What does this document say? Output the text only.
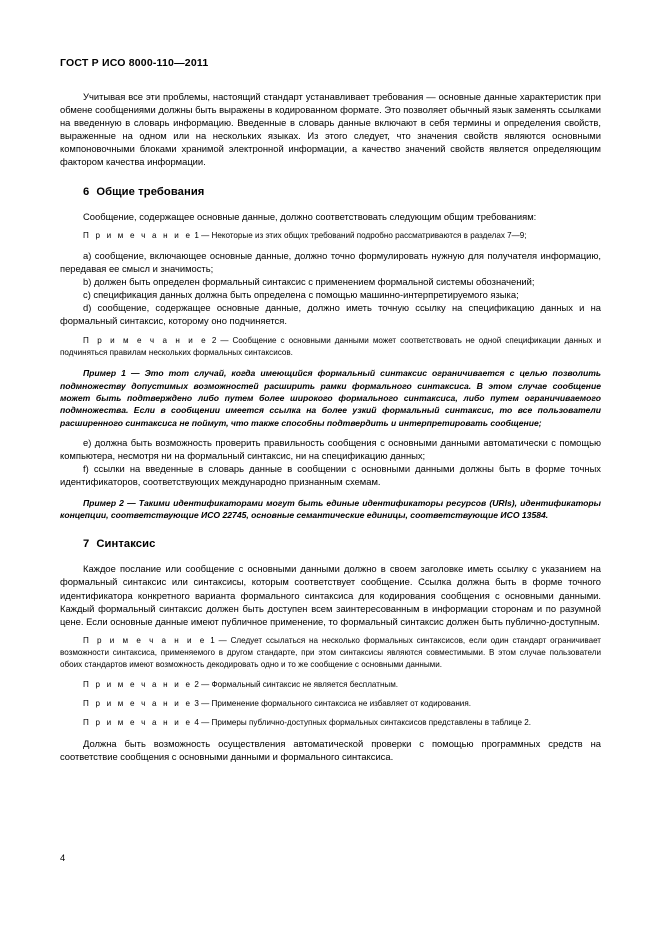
ГОСТ Р ИСО 8000-110—2011

Учитывая все эти проблемы, настоящий стандарт устанавливает требования — основные данные характеристик при обмене сообщениями должны быть выражены в кодированном формате. Это позволяет обычный язык заменять ссылками на введенную в словарь информацию. Введенные в словарь данные включают в себя термины и определения свойств, выраженные на одном или на нескольких языках. Из этого следует, что значения свойств являются основными компоновочными блоками хранимой электронной информации, а качество значений свойств является определяющим фактором качества информации.

6 Общие требования

Сообщение, содержащее основные данные, должно соответствовать следующим общим требованиям:

П р и м е ч а н и е 1 — Некоторые из этих общих требований подробно рассматриваются в разделах 7—9;

a) сообщение, включающее основные данные, должно точно формулировать нужную для получателя информацию, передавая ее смысл и значимость;

b) должен быть определен формальный синтаксис с применением формальной системы обозначений;

c) спецификация данных должна быть определена с помощью машинно-интерпретируемого языка;

d) сообщение, содержащее основные данные, должно иметь точную ссылку на спецификацию данных и на формальный синтаксис, которому оно подчиняется.

П р и м е ч а н и е 2 — Сообщение с основными данными может соответствовать не одной спецификации данных и подчиняться правилам нескольких формальных синтаксисов.

Пример 1 — Это тот случай, когда имеющийся формальный синтаксис ограничивается с целью позволить подмножеству допустимых возможностей расширить рамки формального синтаксиса. В этом случае сообщение может быть подтверждено либо путем более широкого формального синтаксиса, либо путем ограничиваемого подмножества. Если в сообщении имеется ссылка на более узкий формальный синтаксис, то все пользователи расширенного синтаксиса не поймут, что также способны подтвердить и интерпретировать сообщение;

e) должна быть возможность проверить правильность сообщения с основными данными автоматически с помощью компьютера, несмотря ни на формальный синтаксис, ни на спецификацию данных;

f) ссылки на введенные в словарь данные в сообщении с основными данными должны быть в форме точных идентификаторов, соответствующих международно признанным схемам.

Пример 2 — Такими идентификаторами могут быть единые идентификаторы ресурсов (URIs), идентификаторы концепции, соответствующие ИСО 22745, основные семантические единицы, соответствующие ИСО 13584.

7 Синтаксис

Каждое послание или сообщение с основными данными должно в своем заголовке иметь ссылку с указанием на формальный синтаксис или синтаксисы, которым соответствует сообщение. Ссылка должна быть в форме точного идентификатора конкретного варианта формального синтаксиса для кодирования сообщения с основными данными. Каждый формальный синтаксис должен быть доступен всем заинтересованным в информации сторонам и по разумной цене. Если основные данные имеют публичное применение, то формальный синтаксис должен быть публично-доступным.

П р и м е ч а н и е 1 — Следует ссылаться на несколько формальных синтаксисов, если один стандарт ограничивает возможности синтаксиса, применяемого в другом стандарте, при этом синтаксисы являются совместимыми. В этом случае пользователи обоих стандартов имеют возможность декодировать одно и то же сообщение с основными данными.

П р и м е ч а н и е 2 — Формальный синтаксис не является бесплатным.

П р и м е ч а н и е 3 — Применение формального синтаксиса не избавляет от кодирования.

П р и м е ч а н и е 4 — Примеры публично-доступных формальных синтаксисов представлены в таблице 2.

Должна быть возможность осуществления автоматической проверки с помощью программных средств на соответствие сообщения с основными данными и формального синтаксиса.

4
